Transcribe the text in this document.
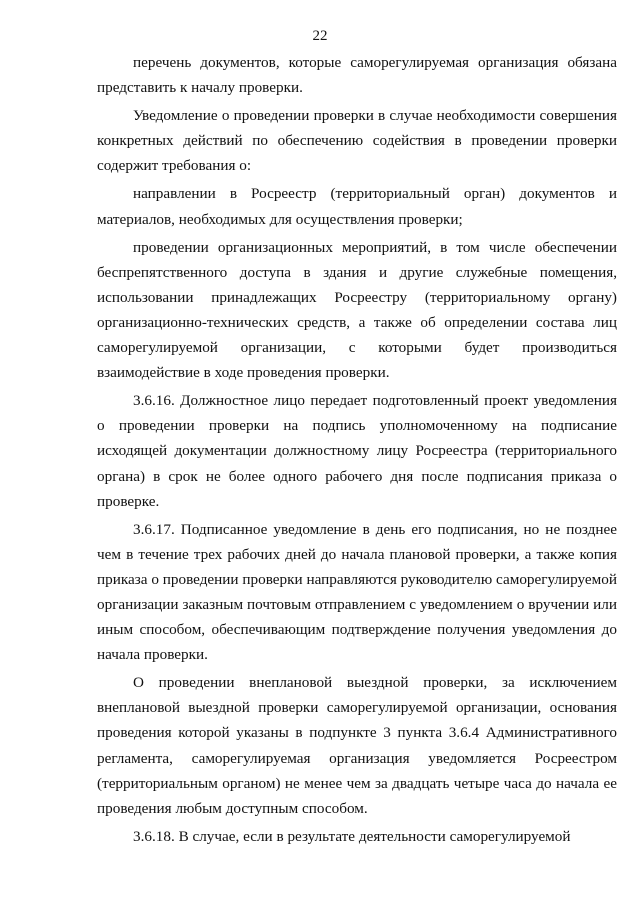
22

перечень документов, которые саморегулируемая организация обязана представить к началу проверки.

Уведомление о проведении проверки в случае необходимости совершения конкретных действий по обеспечению содействия в проведении проверки содержит требования о:

направлении в Росреестр (территориальный орган) документов и материалов, необходимых для осуществления проверки;

проведении организационных мероприятий, в том числе обеспечении беспрепятственного доступа в здания и другие служебные помещения, использовании принадлежащих Росреестру (территориальному органу) организационно-технических средств, а также об определении состава лиц саморегулируемой организации, с которыми будет производиться взаимодействие в ходе проведения проверки.

3.6.16. Должностное лицо передает подготовленный проект уведомления о проведении проверки на подпись уполномоченному на подписание исходящей документации должностному лицу Росреестра (территориального органа) в срок не более одного рабочего дня после подписания приказа о проверке.

3.6.17. Подписанное уведомление в день его подписания, но не позднее чем в течение трех рабочих дней до начала плановой проверки, а также копия приказа о проведении проверки направляются руководителю саморегулируемой организации заказным почтовым отправлением с уведомлением о вручении или иным способом, обеспечивающим подтверждение получения уведомления до начала проверки.

О проведении внеплановой выездной проверки, за исключением внеплановой выездной проверки саморегулируемой организации, основания проведения которой указаны в подпункте 3 пункта 3.6.4 Административного регламента, саморегулируемая организация уведомляется Росреестром (территориальным органом) не менее чем за двадцать четыре часа до начала ее проведения любым доступным способом.

3.6.18. В случае, если в результате деятельности саморегулируемой
